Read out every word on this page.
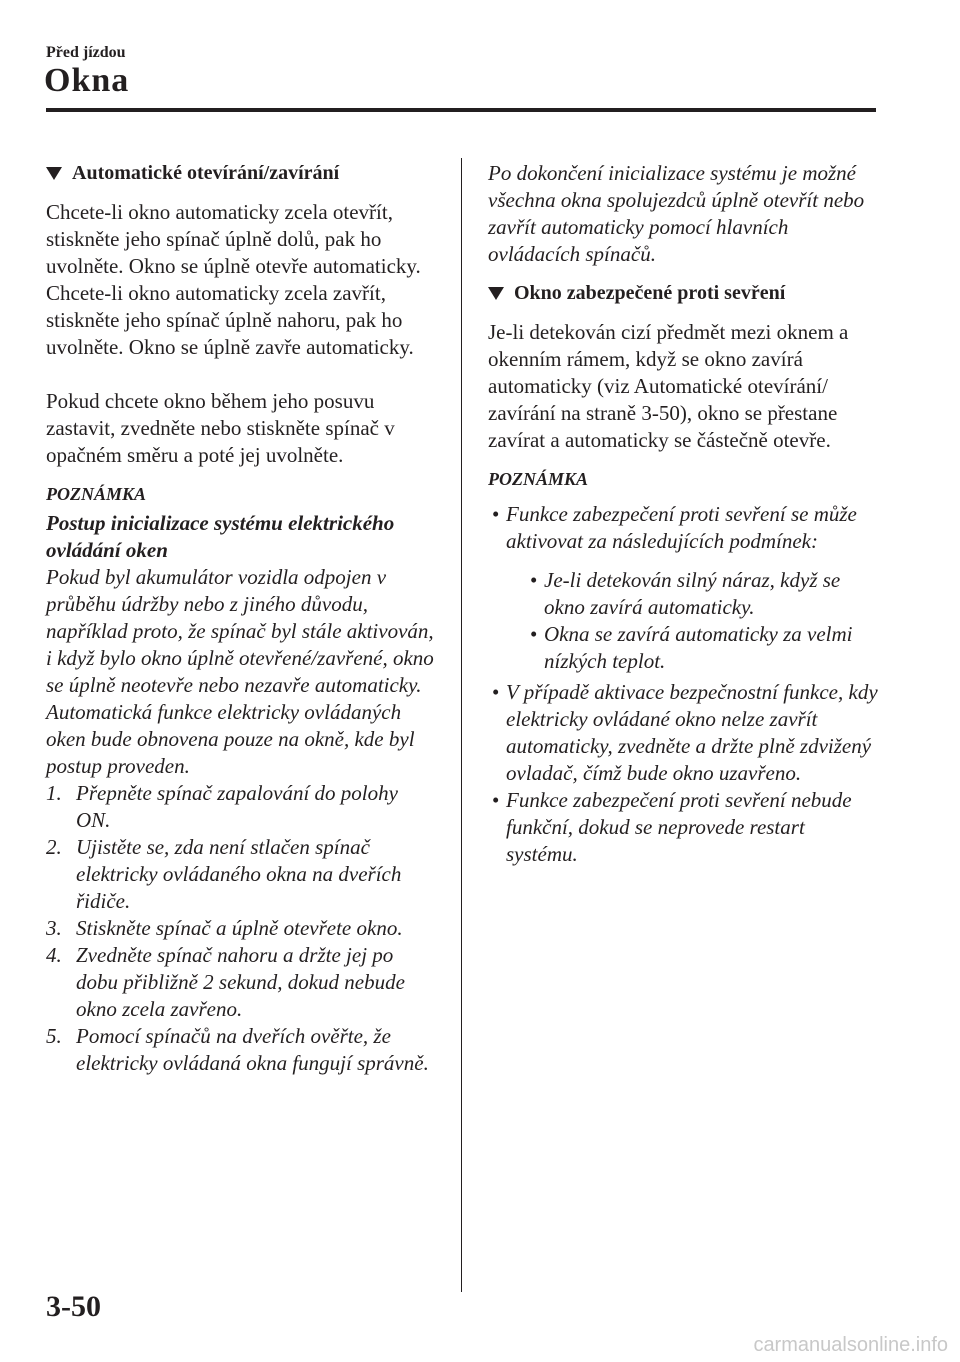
Před jízdou
Okna
Automatické otevírání/zavírání

Chcete-li okno automaticky zcela otevřít, stiskněte jeho spínač úplně dolů, pak ho uvolněte. Okno se úplně otevře automaticky.

Chcete-li okno automaticky zcela zavřít, stiskněte jeho spínač úplně nahoru, pak ho uvolněte. Okno se úplně zavře automaticky.

Pokud chcete okno během jeho posuvu zastavit, zvedněte nebo stiskněte spínač v opačném směru a poté jej uvolněte.

POZNÁMKA

Postup inicializace systému elektrického ovládání oken

Pokud byl akumulátor vozidla odpojen v průběhu údržby nebo z jiného důvodu, například proto, že spínač byl stále aktivován, i když bylo okno úplně otevřené/zavřené, okno se úplně neotevře nebo nezavře automaticky.

Automatická funkce elektricky ovládaných oken bude obnovena pouze na okně, kde byl postup proveden.

1. Přepněte spínač zapalování do polohy ON.
2. Ujistěte se, zda není stlačen spínač elektricky ovládaného okna na dveřích řidiče.
3. Stiskněte spínač a úplně otevřete okno.
4. Zvedněte spínač nahoru a držte jej po dobu přibližně 2 sekund, dokud nebude okno zcela zavřeno.
5. Pomocí spínačů na dveřích ověřte, že elektricky ovládaná okna fungují správně.

Po dokončení inicializace systému je možné všechna okna spolujezdců úplně otevřít nebo zavřít automaticky pomocí hlavních ovládacích spínačů.

Okno zabezpečené proti sevření

Je-li detekován cizí předmět mezi oknem a okenním rámem, když se okno zavírá automaticky (viz Automatické otevírání/ zavírání na straně 3-50), okno se přestane zavírat a automaticky se částečně otevře.

POZNÁMKA
• Funkce zabezpečení proti sevření se může aktivovat za následujících podmínek:
• Je-li detekován silný náraz, když se okno zavírá automaticky.
• Okna se zavírá automaticky za velmi nízkých teplot.
• V případě aktivace bezpečnostní funkce, kdy elektricky ovládané okno nelze zavřít automaticky, zvedněte a držte plně zdvižený ovladač, čímž bude okno uzavřeno.
• Funkce zabezpečení proti sevření nebude funkční, dokud se neprovede restart systému.
3-50
carmanualsonline.info
